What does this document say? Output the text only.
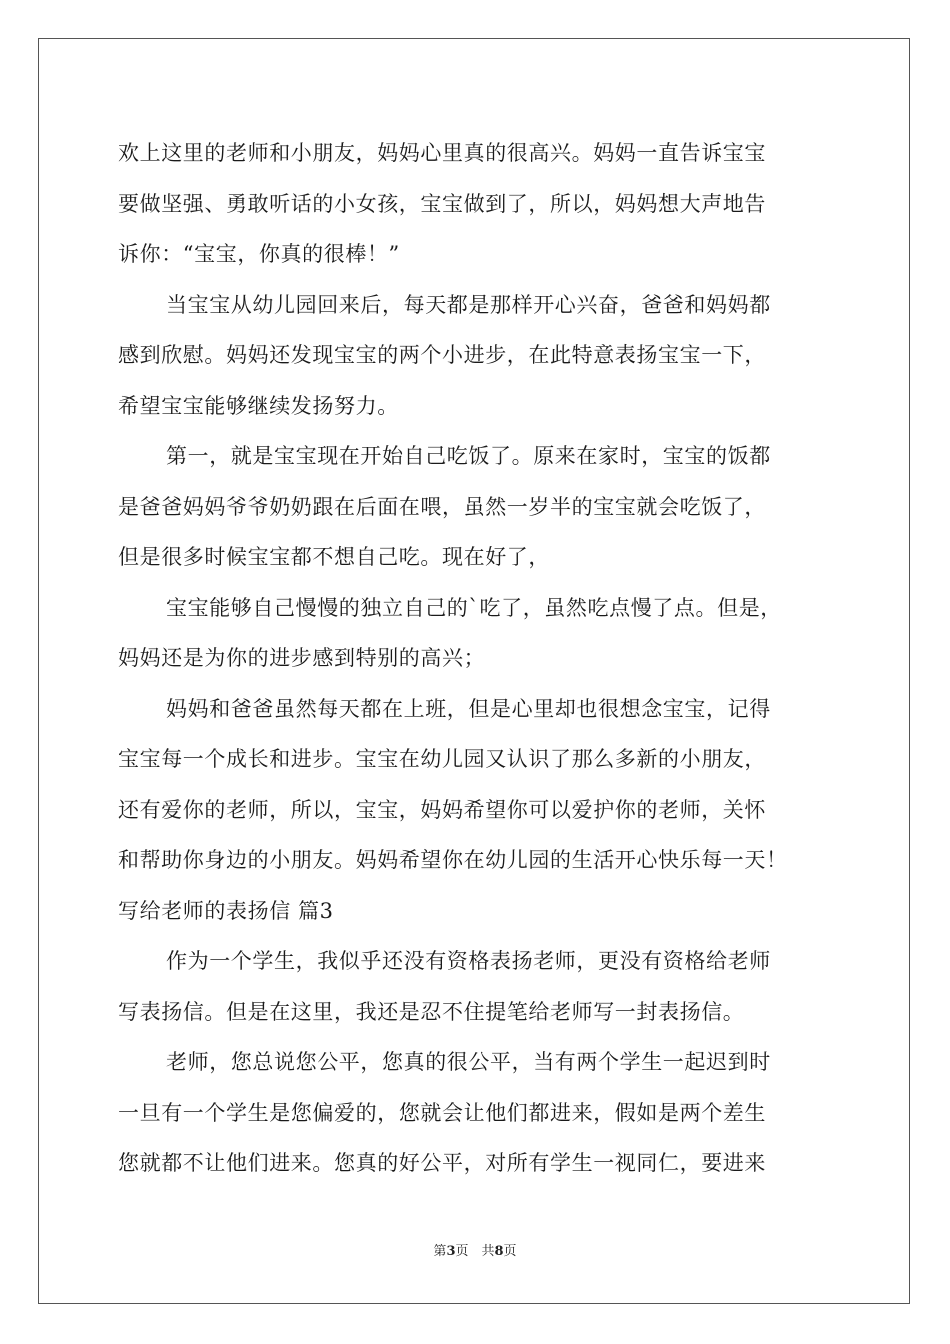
欢上这里的老师和小朋友，妈妈心里真的很高兴。妈妈一直告诉宝宝
要做坚强、勇敢听话的小女孩，宝宝做到了，所以，妈妈想大声地告
诉你：“宝宝，你真的很棒！”
当宝宝从幼儿园回来后，每天都是那样开心兴奋，爸爸和妈妈都
感到欣慰。妈妈还发现宝宝的两个小进步，在此特意表扬宝宝一下，
希望宝宝能够继续发扬努力。
第一，就是宝宝现在开始自己吃饭了。原来在家时，宝宝的饭都
是爸爸妈妈爷爷奶奶跟在后面在喂，虽然一岁半的宝宝就会吃饭了，
但是很多时候宝宝都不想自己吃。现在好了，
宝宝能够自己慢慢的独立自己的`吃了，虽然吃点慢了点。但是，
妈妈还是为你的进步感到特别的高兴；
妈妈和爸爸虽然每天都在上班，但是心里却也很想念宝宝，记得
宝宝每一个成长和进步。宝宝在幼儿园又认识了那么多新的小朋友，
还有爱你的老师，所以，宝宝，妈妈希望你可以爱护你的老师，关怀
和帮助你身边的小朋友。妈妈希望你在幼儿园的生活开心快乐每一天！
写给老师的表扬信 篇3
作为一个学生，我似乎还没有资格表扬老师，更没有资格给老师
写表扬信。但是在这里，我还是忍不住提笔给老师写一封表扬信。
老师，您总说您公平，您真的很公平，当有两个学生一起迟到时
一旦有一个学生是您偏爱的，您就会让他们都进来，假如是两个差生
您就都不让他们进来。您真的好公平，对所有学生一视同仁，要进来
第3页　共8页
